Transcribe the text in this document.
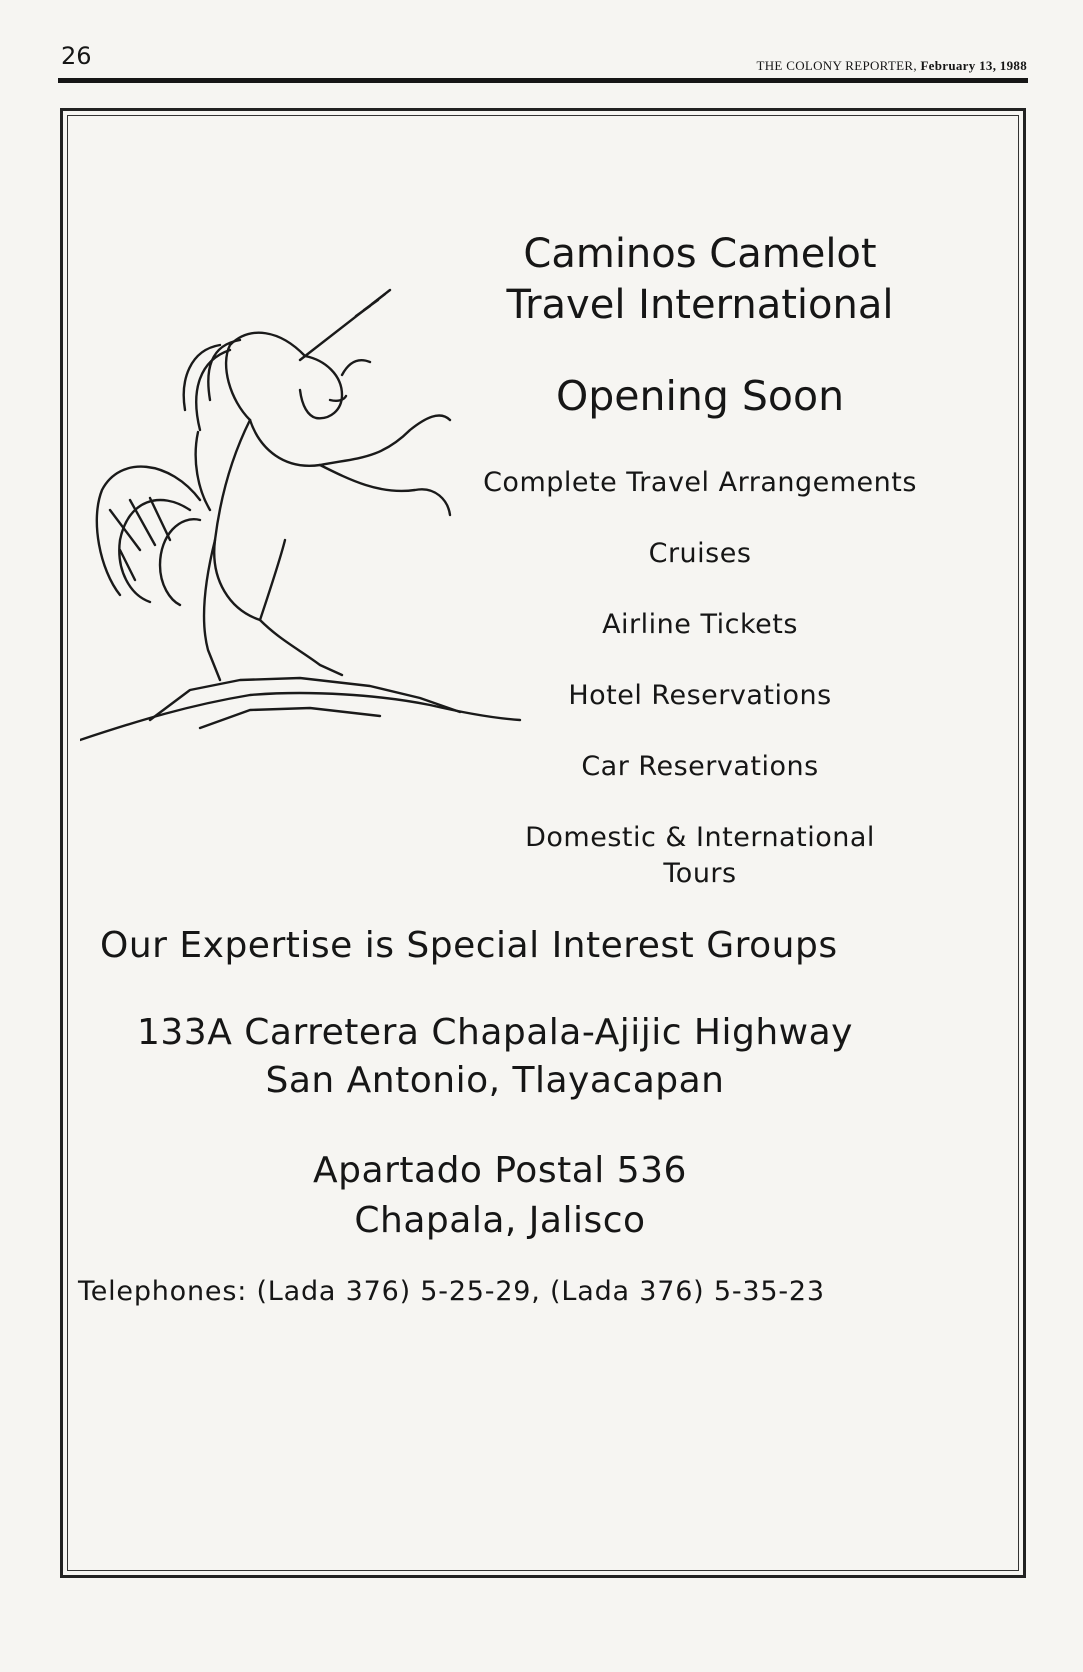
26	THE COLONY REPORTER, February 13, 1988
Caminos Camelot
Travel International
Opening Soon
Complete Travel Arrangements
Cruises
Airline Tickets
Hotel Reservations
Car Reservations
Domestic & International
Tours
Our Expertise is Special Interest Groups
133A Carretera Chapala-Ajijic Highway
San Antonio, Tlayacapan
Apartado Postal 536
Chapala, Jalisco
Telephones: (Lada 376) 5-25-29, (Lada 376) 5-35-23
